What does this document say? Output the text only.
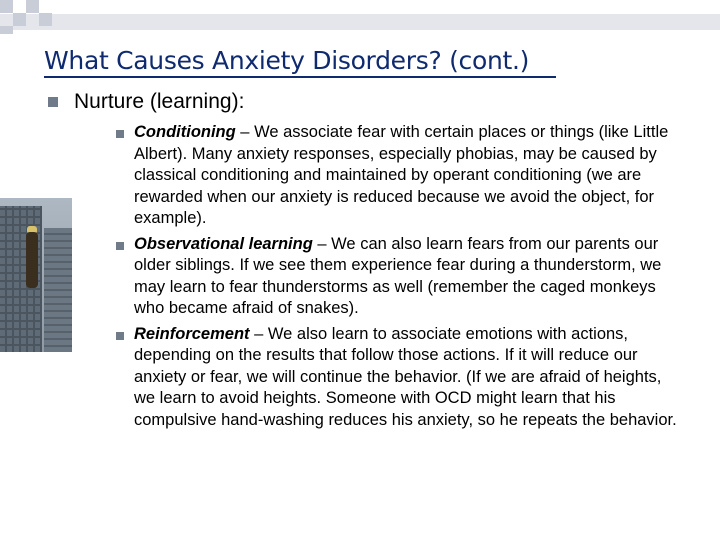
What Causes Anxiety Disorders? (cont.)
Nurture (learning):
Conditioning – We associate fear with certain places or things (like Little Albert). Many anxiety responses, especially phobias, may be caused by classical conditioning and maintained by operant conditioning (we are rewarded when our anxiety is reduced because we avoid the object, for example).
Observational learning – We can also learn fears from our parents our older siblings. If we see them experience fear during a thunderstorm, we may learn to fear thunderstorms as well (remember the caged monkeys who became afraid of snakes).
Reinforcement – We also learn to associate emotions with actions, depending on the results that follow those actions. If it will reduce our anxiety or fear, we will continue the behavior. (If we are afraid of heights, we learn to avoid heights. Someone with OCD might learn that his compulsive hand-washing reduces his anxiety, so he repeats the behavior.
